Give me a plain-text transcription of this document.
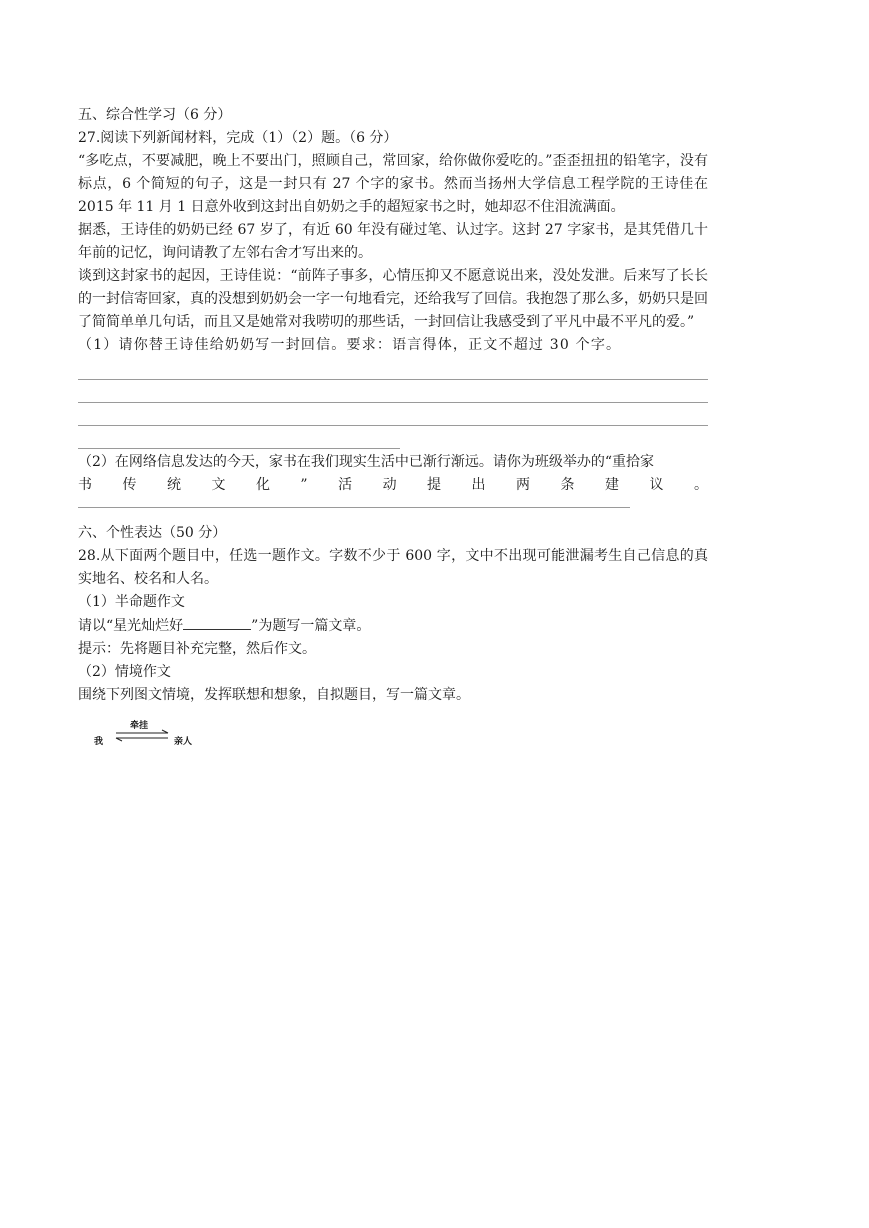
五、综合性学习（6 分）
27.阅读下列新闻材料，完成（1）（2）题。（6 分）
“多吃点，不要减肥，晚上不要出门，照顾自己，常回家，给你做你爱吃的。”歪歪扭扭的铅笔字，没有标点，6 个简短的句子，这是一封只有 27 个字的家书。然而当扬州大学信息工程学院的王诗佳在 2015 年 11 月 1 日意外收到这封出自奶奶之手的超短家书之时，她却忍不住泪流满面。
据悉，王诗佳的奶奶已经 67 岁了，有近 60 年没有碰过笔、认过字。这封 27 字家书，是其凭借几十年前的记忆，询问请教了左邻右舍才写出来的。
谈到这封家书的起因，王诗佳说：“前阵子事多，心情压抑又不愿意说出来，没处发泄。后来写了长长的一封信寄回家，真的没想到奶奶会一字一句地看完，还给我写了回信。我抱怨了那么多，奶奶只是回了简简单单几句话，而且又是她常对我唠叨的那些话，一封回信让我感受到了平凡中最不平凡的爱。”
（1）请你替王诗佳给奶奶写一封回信。要求：语言得体，正文不超过 30 个字。
（2）在网络信息发达的今天，家书在我们现实生活中已渐行渐远。请你为班级举办的“重拾家
书 传 统 文 化 ” 活 动 提 出 两 条 建 议 。
六、个性表达（50 分）
28.从下面两个题目中，任选一题作文。字数不少于 600 字，文中不出现可能泄漏考生自己信息的真实地名、校名和人名。
（1）半命题作文
请以“星光灿烂好	”为题写一篇文章。
提示：先将题目补充完整，然后作文。
（2）情境作文
围绕下列图文情境，发挥联想和想象，自拟题目，写一篇文章。
牵挂
我	亲人
